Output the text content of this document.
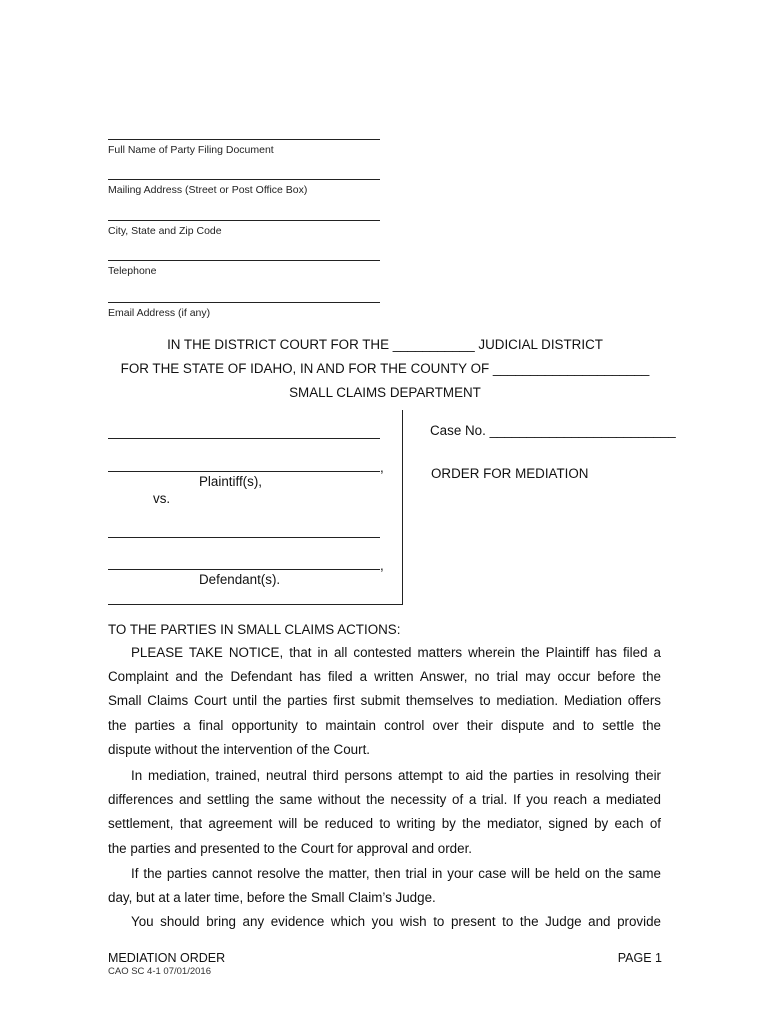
Full Name of Party Filing Document
Mailing Address (Street or Post Office Box)
City, State and Zip Code
Telephone
Email Address (if any)
IN THE DISTRICT COURT FOR THE ___________ JUDICIAL DISTRICT
FOR THE STATE OF IDAHO, IN AND FOR THE COUNTY OF _____________________
SMALL CLAIMS DEPARTMENT
,
Plaintiff(s),
vs.
,
Defendant(s).
Case No. _________________________
ORDER FOR MEDIATION
TO THE PARTIES IN SMALL CLAIMS ACTIONS:
PLEASE TAKE NOTICE, that in all contested matters wherein the Plaintiff has filed a
Complaint and the Defendant has filed a written Answer, no trial may occur before the
Small Claims Court until the parties first submit themselves to mediation. Mediation offers
the parties a final opportunity to maintain control over their dispute and to settle the
dispute without the intervention of the Court.
In mediation, trained, neutral third persons attempt to aid the parties in resolving their
differences and settling the same without the necessity of a trial. If you reach a mediated
settlement, that agreement will be reduced to writing by the mediator, signed by each of
the parties and presented to the Court for approval and order.
If the parties cannot resolve the matter, then trial in your case will be held on the same
day, but at a later time, before the Small Claim’s Judge.
You should bring any evidence which you wish to present to the Judge and provide
MEDIATION ORDER
CAO SC 4-1 07/01/2016
PAGE 1
